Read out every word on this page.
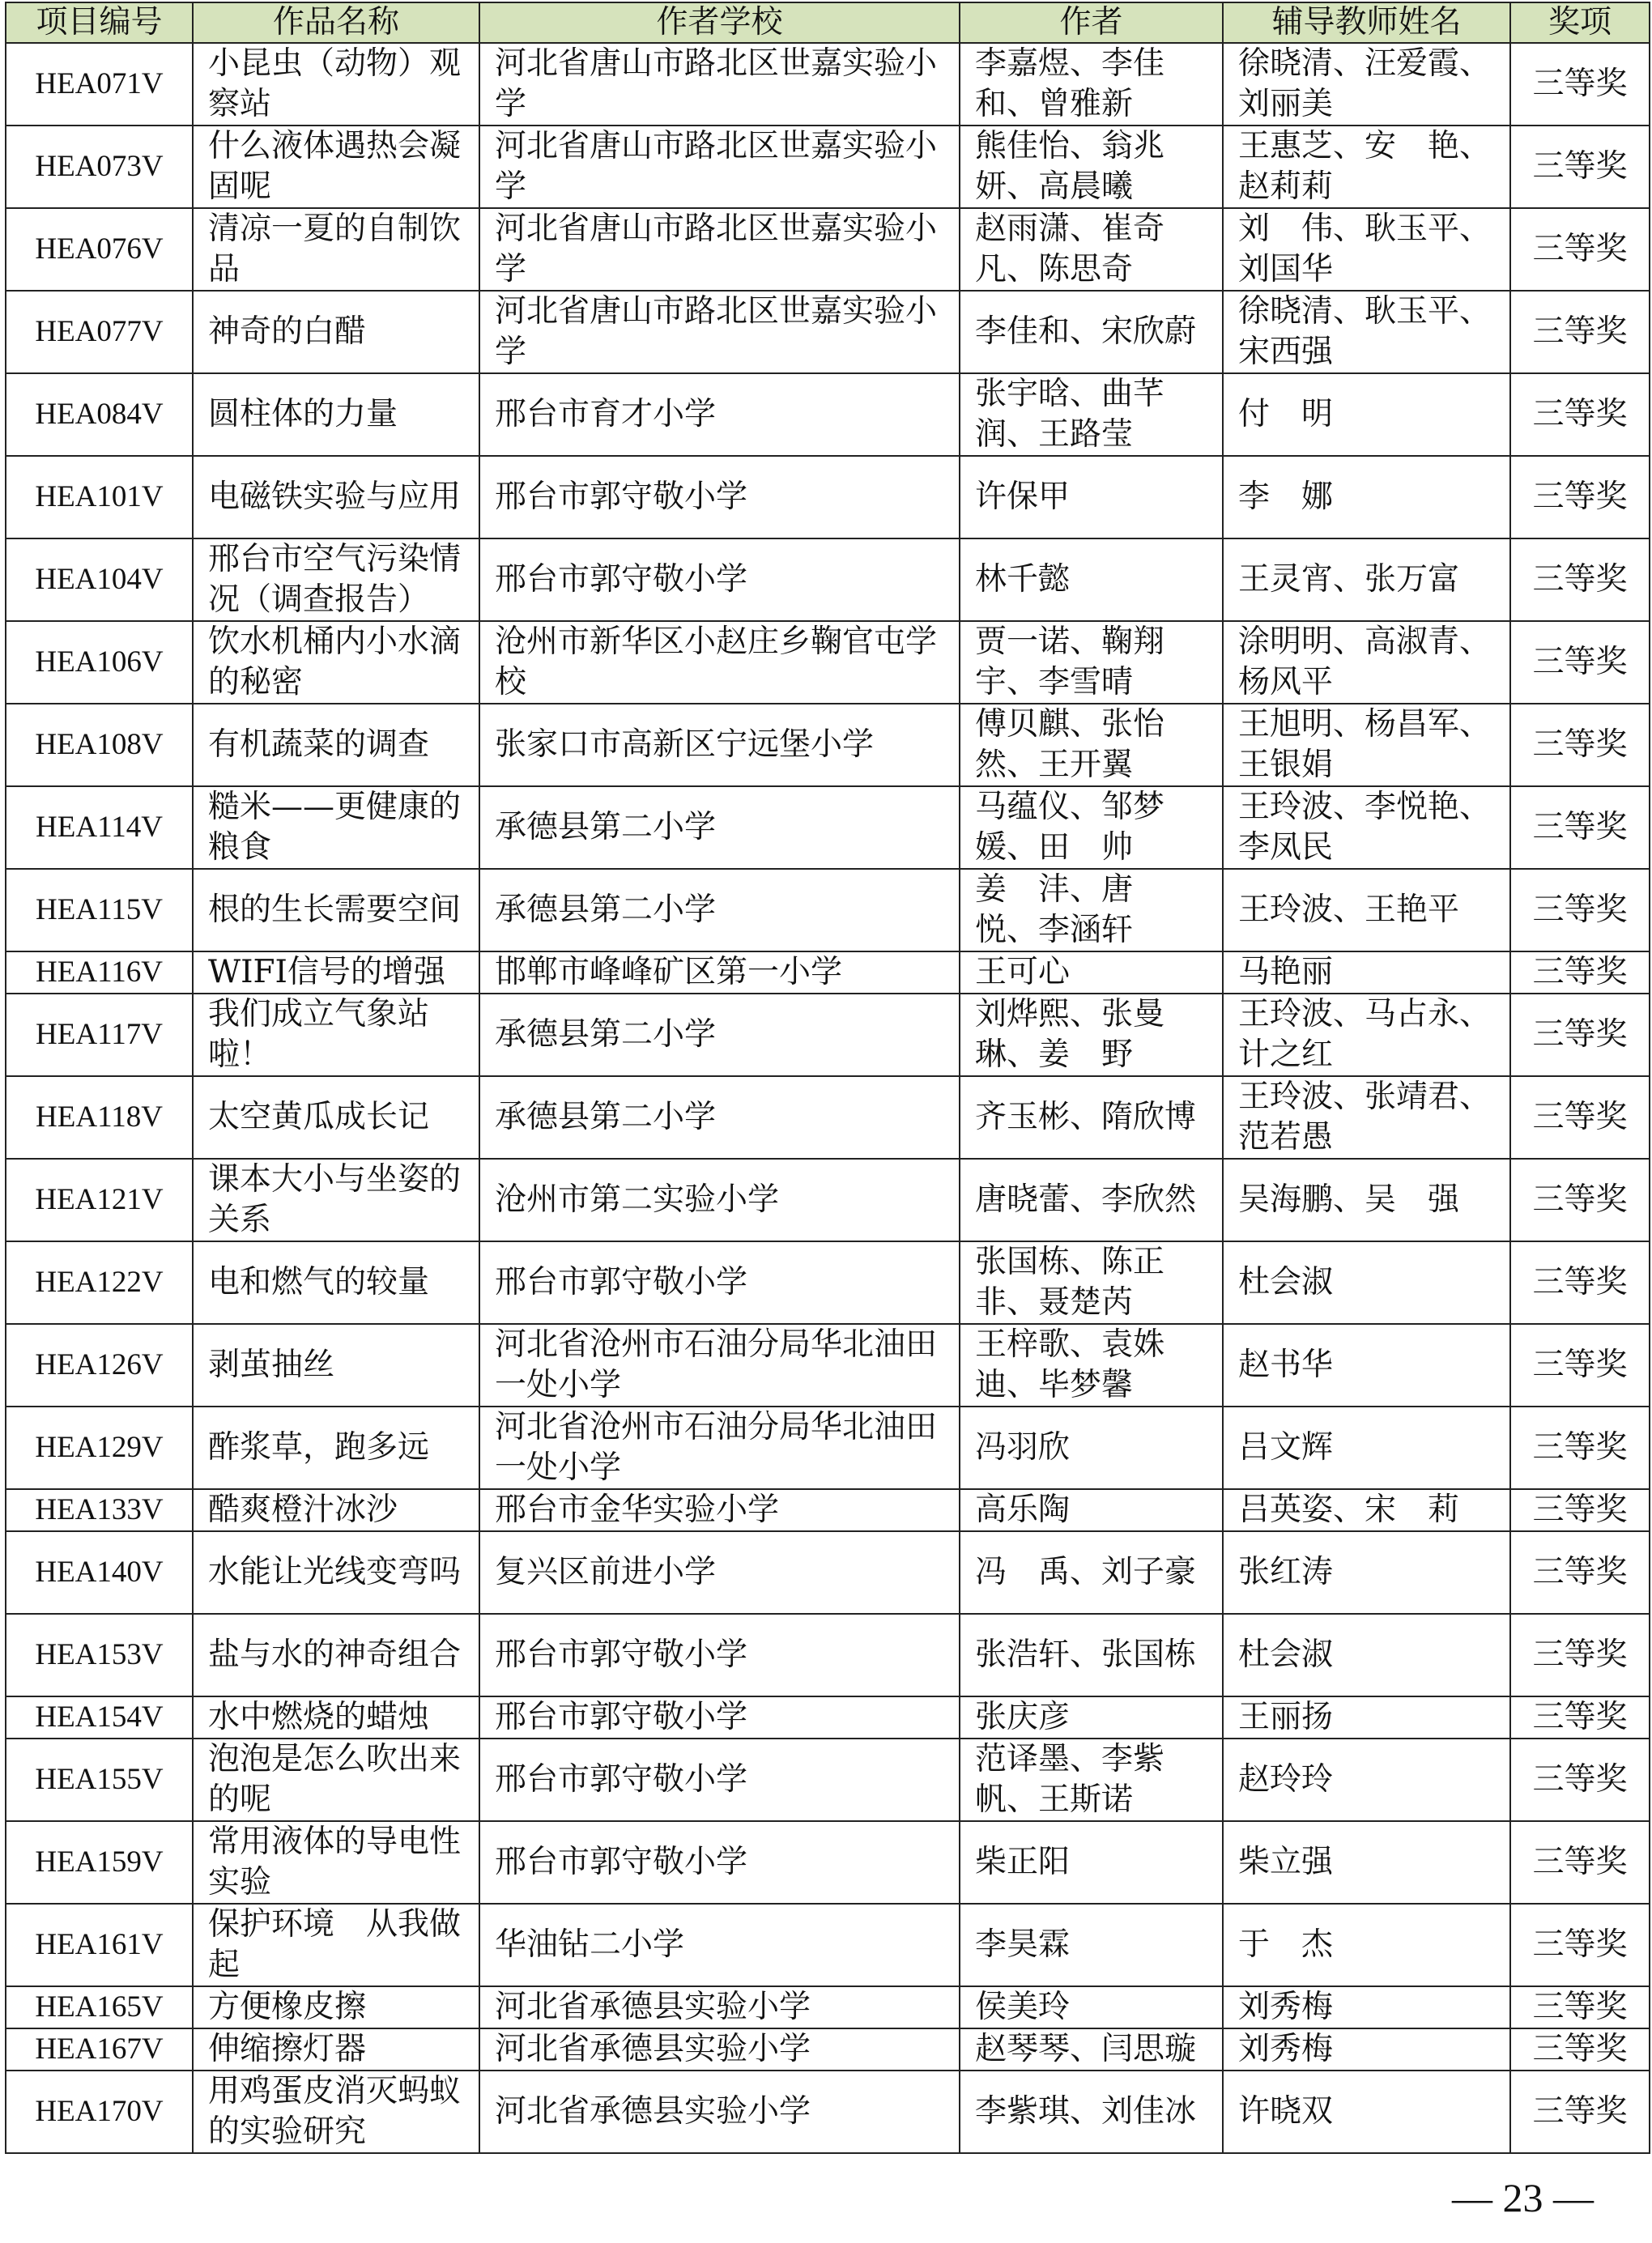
项目编号	作品名称	作者学校	作者	辅导教师姓名	奖项
HEA071V	小昆虫（动物）观察站	河北省唐山市路北区世嘉实验小学	李嘉煜、李佳和、曾雅新	徐晓清、汪爱霞、刘丽美	三等奖
HEA073V	什么液体遇热会凝固呢	河北省唐山市路北区世嘉实验小学	熊佳怡、翁兆妍、高晨曦	王惠芝、安　艳、赵莉莉	三等奖
HEA076V	清凉一夏的自制饮品	河北省唐山市路北区世嘉实验小学	赵雨潇、崔奇凡、陈思奇	刘　伟、耿玉平、刘国华	三等奖
HEA077V	神奇的白醋	河北省唐山市路北区世嘉实验小学	李佳和、宋欣蔚	徐晓清、耿玉平、宋西强	三等奖
HEA084V	圆柱体的力量	邢台市育才小学	张宇晗、曲芊润、王路莹	付　明	三等奖
HEA101V	电磁铁实验与应用	邢台市郭守敬小学	许保甲	李　娜	三等奖
HEA104V	邢台市空气污染情况（调查报告）	邢台市郭守敬小学	林千懿	王灵宵、张万富	三等奖
HEA106V	饮水机桶内小水滴的秘密	沧州市新华区小赵庄乡鞠官屯学校	贾一诺、鞠翔宇、李雪晴	涂明明、高淑青、杨风平	三等奖
HEA108V	有机蔬菜的调查	张家口市高新区宁远堡小学	傅贝麒、张怡然、王开翼	王旭明、杨昌军、王银娟	三等奖
HEA114V	糙米——更健康的粮食	承德县第二小学	马蕴仪、邹梦媛、田　帅	王玲波、李悦艳、李凤民	三等奖
HEA115V	根的生长需要空间	承德县第二小学	姜　沣、唐　悦、李涵轩	王玲波、王艳平	三等奖
HEA116V	WIFI信号的增强	邯郸市峰峰矿区第一小学	王可心	马艳丽	三等奖
HEA117V	我们成立气象站啦！	承德县第二小学	刘烨熙、张曼琳、姜　野	王玲波、马占永、计之红	三等奖
HEA118V	太空黄瓜成长记	承德县第二小学	齐玉彬、隋欣博	王玲波、张靖君、范若愚	三等奖
HEA121V	课本大小与坐姿的关系	沧州市第二实验小学	唐晓蕾、李欣然	吴海鹏、吴　强	三等奖
HEA122V	电和燃气的较量	邢台市郭守敬小学	张国栋、陈正非、聂楚芮	杜会淑	三等奖
HEA126V	剥茧抽丝	河北省沧州市石油分局华北油田一处小学	王梓歌、袁姝迪、毕梦馨	赵书华	三等奖
HEA129V	酢浆草，跑多远	河北省沧州市石油分局华北油田一处小学	冯羽欣	吕文辉	三等奖
HEA133V	酷爽橙汁冰沙	邢台市金华实验小学	高乐陶	吕英姿、宋　莉	三等奖
HEA140V	水能让光线变弯吗	复兴区前进小学	冯　禹、刘子豪	张红涛	三等奖
HEA153V	盐与水的神奇组合	邢台市郭守敬小学	张浩轩、张国栋	杜会淑	三等奖
HEA154V	水中燃烧的蜡烛	邢台市郭守敬小学	张庆彦	王丽扬	三等奖
HEA155V	泡泡是怎么吹出来的呢	邢台市郭守敬小学	范译墨、李紫帆、王斯诺	赵玲玲	三等奖
HEA159V	常用液体的导电性实验	邢台市郭守敬小学	柴正阳	柴立强	三等奖
HEA161V	保护环境　从我做起	华油钻二小学	李昊霖	于　杰	三等奖
HEA165V	方便橡皮擦	河北省承德县实验小学	侯美玲	刘秀梅	三等奖
HEA167V	伸缩擦灯器	河北省承德县实验小学	赵琴琴、闫思璇	刘秀梅	三等奖
HEA170V	用鸡蛋皮消灭蚂蚁的实验研究	河北省承德县实验小学	李紫琪、刘佳冰	许晓双	三等奖
— 23 —
